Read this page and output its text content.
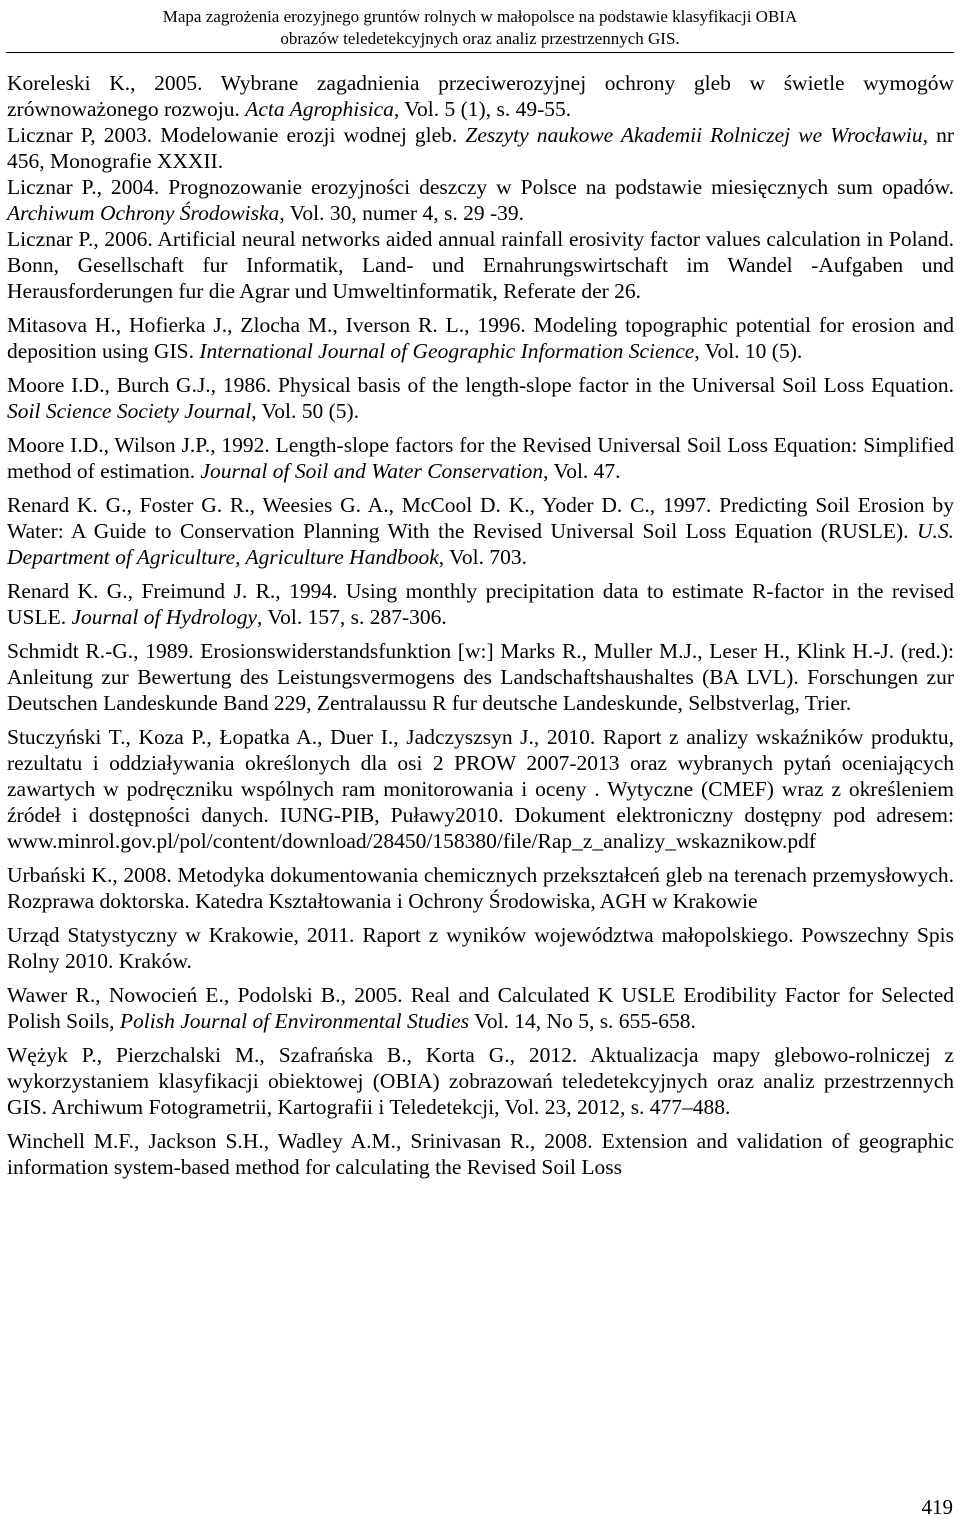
Mapa zagrożenia erozyjnego gruntów rolnych w małopolsce na podstawie klasyfikacji OBIA
obrazów teledetekcyjnych oraz analiz przestrzennych GIS.

Koreleski K., 2005. Wybrane zagadnienia przeciwerozyjnej ochrony gleb w świetle wymogów zrównoważonego rozwoju. Acta Agrophisica, Vol. 5 (1), s. 49-55.

Licznar P, 2003. Modelowanie erozji wodnej gleb. Zeszyty naukowe Akademii Rolniczej we Wrocławiu, nr 456, Monografie XXXII.

Licznar P., 2004. Prognozowanie erozyjności deszczy w Polsce na podstawie miesięcznych sum opadów. Archiwum Ochrony Środowiska, Vol. 30, numer 4, s. 29 -39.

Licznar P., 2006. Artificial neural networks aided annual rainfall erosivity factor values calculation in Poland. Bonn, Gesellschaft fur Informatik, Land- und Ernahrungswirtschaft im Wandel -Aufgaben und Herausforderungen fur die Agrar und Umweltinformatik, Referate der 26.

Mitasova H., Hofierka J., Zlocha M., Iverson R. L., 1996. Modeling topographic potential for erosion and deposition using GIS. International Journal of Geographic Information Science, Vol. 10 (5).

Moore I.D., Burch G.J., 1986. Physical basis of the length-slope factor in the Universal Soil Loss Equation. Soil Science Society Journal, Vol. 50 (5).

Moore I.D., Wilson J.P., 1992. Length-slope factors for the Revised Universal Soil Loss Equation: Simplified method of estimation. Journal of Soil and Water Conservation, Vol. 47.

Renard K. G., Foster G. R., Weesies G. A., McCool D. K., Yoder D. C., 1997. Predicting Soil Erosion by Water: A Guide to Conservation Planning With the Revised Universal Soil Loss Equation (RUSLE). U.S. Department of Agriculture, Agriculture Handbook, Vol. 703.

Renard K. G., Freimund J. R., 1994. Using monthly precipitation data to estimate R-factor in the revised USLE. Journal of Hydrology, Vol. 157, s. 287-306.

Schmidt R.-G., 1989. Erosionswiderstandsfunktion [w:] Marks R., Muller M.J., Leser H., Klink H.-J. (red.): Anleitung zur Bewertung des Leistungsvermogens des Landschaftshaushaltes (BA LVL). Forschungen zur Deutschen Landeskunde Band 229, Zentralaussu R fur deutsche Landeskunde, Selbstverlag, Trier.

Stuczyński T., Koza P., Łopatka A., Duer I., Jadczyszsyn J., 2010. Raport z analizy wskaźników produktu, rezultatu i oddziaływania określonych dla osi 2 PROW 2007-2013 oraz wybranych pytań oceniających zawartych w podręczniku wspólnych ram monitorowania i oceny . Wytyczne (CMEF) wraz z określeniem źródeł i dostępności danych. IUNG-PIB, Puławy2010. Dokument elektroniczny dostępny pod adresem: www.minrol.gov.pl/pol/content/download/28450/158380/file/Rap_z_analizy_wskaznikow.pdf

Urbański K., 2008. Metodyka dokumentowania chemicznych przekształceń gleb na terenach przemysłowych. Rozprawa doktorska. Katedra Kształtowania i Ochrony Środowiska, AGH w Krakowie

Urząd Statystyczny w Krakowie, 2011. Raport z wyników województwa małopolskiego. Powszechny Spis Rolny 2010. Kraków.

Wawer R., Nowocień E., Podolski B., 2005. Real and Calculated K USLE Erodibility Factor for Selected Polish Soils, Polish Journal of Environmental Studies Vol. 14, No 5, s. 655-658.

Wężyk P., Pierzchalski M., Szafrańska B., Korta G., 2012. Aktualizacja mapy glebowo-rolniczej z wykorzystaniem klasyfikacji obiektowej (OBIA) zobrazowań teledetekcyjnych oraz analiz przestrzennych GIS. Archiwum Fotogrametrii, Kartografii i Teledetekcji, Vol. 23, 2012, s. 477–488.

Winchell M.F., Jackson S.H., Wadley A.M., Srinivasan R., 2008. Extension and validation of geographic information system-based method for calculating the Revised Soil Loss

419
